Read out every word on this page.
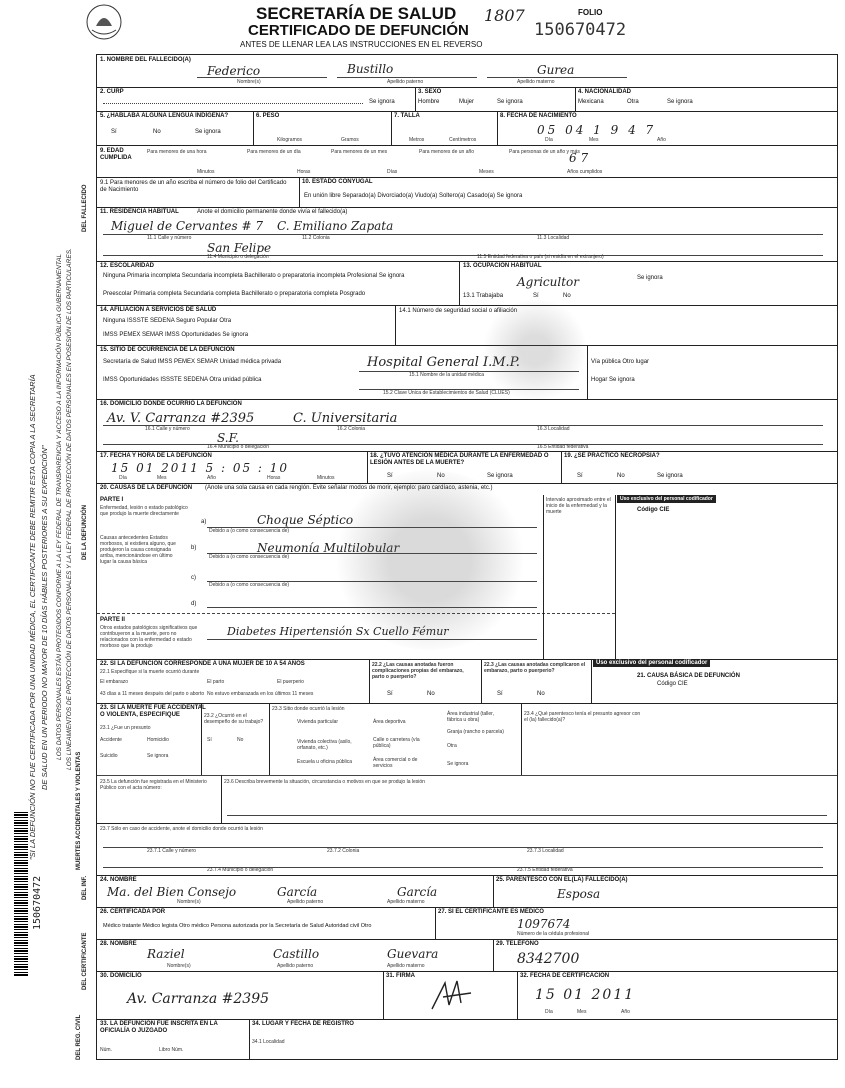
SECRETARÍA DE SALUD
CERTIFICADO DE DEFUNCIÓN
ANTES DE LLENAR LEA LAS INSTRUCCIONES EN EL REVERSO
1807	FOLIO
150670472
"SI LA DEFUNCIÓN NO FUE CERTIFICADA POR UNA UNIDAD MÉDICA, EL CERTIFICANTE DEBE REMITIR ESTA COPIA A LA SECRETARÍA DE SALUD EN UN PERIODO NO MAYOR DE 10 DÍAS HÁBILES POSTERIORES A SU EXPEDICIÓN" LOS DATOS PERSONALES ESTÁN PROTEGIDOS CONFORME A LA LEY FEDERAL DE TRANSPARENCIA Y ACCESO A LA INFORMACIÓN PÚBLICA GUBERNAMENTAL LOS LINEAMIENTOS DE PROTECCIÓN DE DATOS PERSONALES Y LA LEY FEDERAL DE PROTECCIÓN DE DATOS PERSONALES EN POSESIÓN DE LOS PARTICULARES.
150670472
DEL FALLECIDO
DE LA DEFUNCIÓN
MUERTES ACCIDENTALES Y VIOLENTAS
DEL INF.
DEL CERTIFICANTE
DEL REG. CIVIL
1. NOMBRE DEL FALLECIDO(A)
Nombre(s)	Apellido paterno	Apellido materno
Federico	Bustillo	Gurea
2. CURP
Se ignora
3. SEXO
Hombre	Mujer	Se ignora
4. NACIONALIDAD
Mexicana	Otra	Se ignora
5. ¿HABLABA ALGUNA LENGUA INDÍGENA?
Sí	No	Se ignora
6. PESO
Kilogramos	Gramos
7. TALLA
Metros	Centímetros
8. FECHA DE NACIMIENTO
05 04 1 9 4 7
Día	Mes	Año
9. EDAD CUMPLIDA
Para menores de una hora
Minutos
Para menores de un día
Horas
Para menores de un mes
Días
Para menores de un año
Meses
Para personas de un año y más
Años cumplidos
6 7
9.1 Para menores de un año escriba el número de folio del Certificado de Nacimiento
10. ESTADO CONYUGAL
En unión libre Separado(a) Divorciado(a) Viudo(a) Soltero(a) Casado(a) Se ignora
11. RESIDENCIA HABITUAL	Anote el domicilio permanente donde vivía el fallecido(a)
Miguel de Cervantes # 7 C. Emiliano Zapata
11.1 Calle y número	11.2 Colonia	11.3 Localidad
San Felipe
11.4 Municipio o delegación	11.5 Entidad federativa o país (si residía en el extranjero)
12. ESCOLARIDAD
Ninguna Primaria incompleta Secundaria incompleta Bachillerato o preparatoria incompleta Profesional Se ignora
Preescolar Primaria completa Secundaria completa Bachillerato o preparatoria completa Posgrado
13. OCUPACIÓN HABITUAL
Agricultor	Se ignora
13.1 Trabajaba	Sí	No
14. AFILIACIÓN A SERVICIOS DE SALUD
Ninguna ISSSTE SEDENA Seguro Popular Otra
IMSS PEMEX SEMAR IMSS Oportunidades Se ignora
14.1 Número de seguridad social o afiliación
15. SITIO DE OCURRENCIA DE LA DEFUNCIÓN
Secretaría de Salud IMSS PEMEX SEMAR Unidad médica privada
IMSS Oportunidades ISSSTE SEDENA Otra unidad pública
Hospital General I.M.P.
15.1 Nombre de la unidad médica
15.2 Clave Única de Establecimientos de Salud (CLUES)
Vía pública Otro lugar
Hogar Se ignora
16. DOMICILIO DONDE OCURRIÓ LA DEFUNCIÓN
Av. V. Carranza #2395	C. Universitaria
16.1 Calle y número	16.2 Colonia	16.3 Localidad
S.F.
16.4 Municipio o delegación	16.5 Entidad federativa
17. FECHA Y HORA DE LA DEFUNCIÓN
15 01 2011 5 : 05 : 10
Día	Mes	Año	Horas	Minutos
18. ¿TUVO ATENCIÓN MÉDICA DURANTE LA ENFERMEDAD O LESIÓN ANTES DE LA MUERTE?
Sí	No	Se ignora
19. ¿SE PRACTICÓ NECROPSIA?
Sí	No	Se ignora
20. CAUSAS DE LA DEFUNCIÓN (Anote una sola causa en cada renglón. Evite señalar modos de morir, ejemplo: paro cardíaco, astenia, etc.)
PARTE I
Enfermedad, lesión o estado patológico que produjo la muerte directamente
Causas antecedentes Estados morbosos, si existiera alguno, que produjeron la causa consignada arriba, mencionándose en último lugar la causa básica
a)	Choque Séptico
Debido a (o como consecuencia de)
b)	Neumonía Multilobular
Debido a (o como consecuencia de)
c)
Debido a (o como consecuencia de)
d)
PARTE II
Otros estados patológicos significativos que contribuyeron a la muerte, pero no relacionados con la enfermedad o estado morboso que la produjo
Diabetes Hipertensión Sx Cuello Fémur
Intervalo aproximado entre el inicio de la enfermedad y la muerte
Uso exclusivo del personal codificador
Código CIE
22. SI LA DEFUNCIÓN CORRESPONDE A UNA MUJER DE 10 A 54 AÑOS
22.1 Especifique si la muerte ocurrió durante
El embarazo	El parto	El puerperio
43 días a 11 meses después del parto o aborto No estuvo embarazada en los últimos 11 meses
22.2 ¿Las causas anotadas fueron complicaciones propias del embarazo, parto o puerperio?
Sí	No
22.3 ¿Las causas anotadas complicaron el embarazo, parto o puerperio?
Sí	No
Uso exclusivo del personal codificador
21. CAUSA BÁSICA DE DEFUNCIÓN
Código CIE
23. SI LA MUERTE FUE ACCIDENTAL O VIOLENTA, ESPECIFIQUE
23.1 ¿Fue un presunto
Accidente	Homicidio
Suicidio	Se ignora
23.2 ¿Ocurrió en el desempeño de su trabajo?
Sí	No
23.3 Sitio donde ocurrió la lesión
Vivienda particular
Vivienda colectiva (asilo, orfanato, etc.)
Escuela u oficina pública
Área deportiva
Calle o carretera (vía pública)
Área comercial o de servicios
Área industrial (taller, fábrica u obra)
Granja (rancho o parcela)
Otra
Se ignora
23.4 ¿Qué parentesco tenía el presunto agresor con el (la) fallecido(a)?
23.5 La defunción fue registrada en el Ministerio Público con el acta número:
23.6 Describa brevemente la situación, circunstancia o motivos en que se produjo la lesión
23.7 Sólo en caso de accidente, anote el domicilio donde ocurrió la lesión
23.7.1 Calle y número	23.7.2 Colonia	23.7.3 Localidad
23.7.4 Municipio o delegación	23.7.5 Entidad federativa
24. NOMBRE
Ma. del Bien Consejo	García	García
Nombre(s)	Apellido paterno	Apellido materno
25. PARENTESCO CON EL(LA) FALLECIDO(A)
Esposa
26. CERTIFICADA POR
Médico tratante Médico legista Otro médico Persona autorizada por la Secretaría de Salud Autoridad civil Otro
27. SI EL CERTIFICANTE ES MÉDICO
1097674
Número de la cédula profesional
28. NOMBRE
Raziel	Castillo	Guevara
Nombre(s)	Apellido paterno	Apellido materno
29. TELÉFONO
8342700
30. DOMICILIO
Av. Carranza #2395
31. FIRMA	32. FECHA DE CERTIFICACIÓN
15 01 2011
Día	Mes	Año
33. LA DEFUNCIÓN FUE INSCRITA EN LA OFICIALÍA O JUZGADO
Núm.	Libro Núm.
34. LUGAR Y FECHA DE REGISTRO
34.1 Localidad
